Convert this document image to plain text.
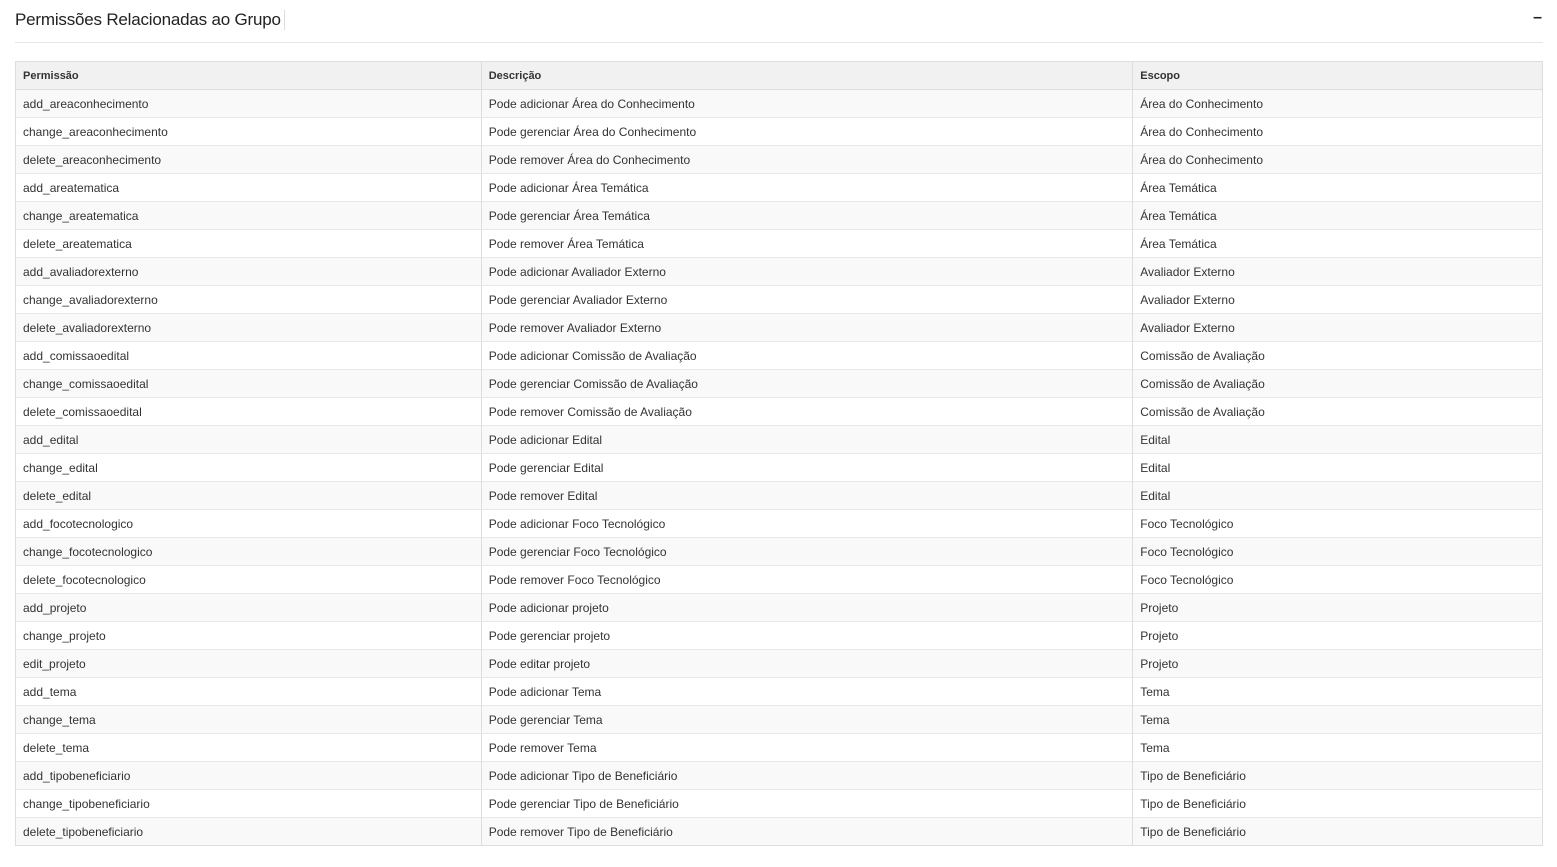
Permissões Relacionadas ao Grupo	–
Permissão	Descrição	Escopo
add_areaconhecimento	Pode adicionar Área do Conhecimento	Área do Conhecimento
change_areaconhecimento	Pode gerenciar Área do Conhecimento	Área do Conhecimento
delete_areaconhecimento	Pode remover Área do Conhecimento	Área do Conhecimento
add_areatematica	Pode adicionar Área Temática	Área Temática
change_areatematica	Pode gerenciar Área Temática	Área Temática
delete_areatematica	Pode remover Área Temática	Área Temática
add_avaliadorexterno	Pode adicionar Avaliador Externo	Avaliador Externo
change_avaliadorexterno	Pode gerenciar Avaliador Externo	Avaliador Externo
delete_avaliadorexterno	Pode remover Avaliador Externo	Avaliador Externo
add_comissaoedital	Pode adicionar Comissão de Avaliação	Comissão de Avaliação
change_comissaoedital	Pode gerenciar Comissão de Avaliação	Comissão de Avaliação
delete_comissaoedital	Pode remover Comissão de Avaliação	Comissão de Avaliação
add_edital	Pode adicionar Edital	Edital
change_edital	Pode gerenciar Edital	Edital
delete_edital	Pode remover Edital	Edital
add_focotecnologico	Pode adicionar Foco Tecnológico	Foco Tecnológico
change_focotecnologico	Pode gerenciar Foco Tecnológico	Foco Tecnológico
delete_focotecnologico	Pode remover Foco Tecnológico	Foco Tecnológico
add_projeto	Pode adicionar projeto	Projeto
change_projeto	Pode gerenciar projeto	Projeto
edit_projeto	Pode editar projeto	Projeto
add_tema	Pode adicionar Tema	Tema
change_tema	Pode gerenciar Tema	Tema
delete_tema	Pode remover Tema	Tema
add_tipobeneficiario	Pode adicionar Tipo de Beneficiário	Tipo de Beneficiário
change_tipobeneficiario	Pode gerenciar Tipo de Beneficiário	Tipo de Beneficiário
delete_tipobeneficiario	Pode remover Tipo de Beneficiário	Tipo de Beneficiário
